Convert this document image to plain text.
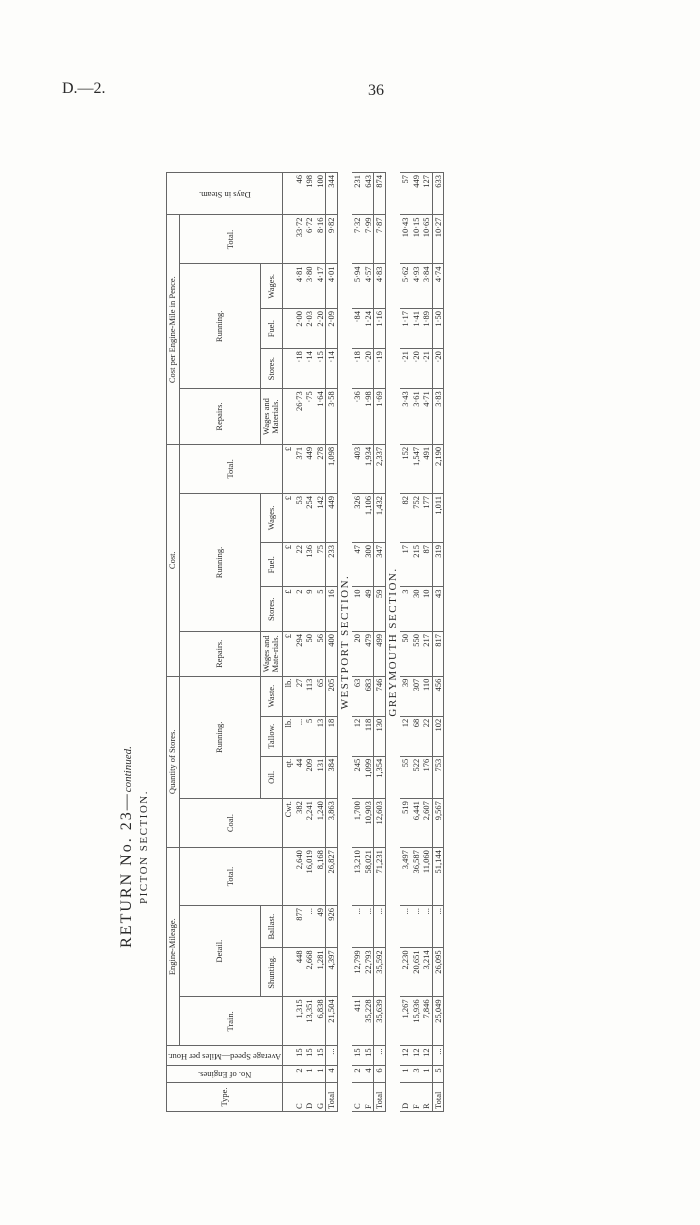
D.—2.	36
RETURN No. 23—continued.
PICTON SECTION.
Type.	No. of Engines.	Average Speed—Miles per Hour.	Engine-Mileage.				Quantity of Stores.				Cost.					Cost per Engine-Mile in Pence.					Days in Steam.

			Train.	Detail.		Total.	Coal.	Running.			Repairs.	Running.			Total.	Repairs.	Running.			Total.	
				Shunting.	Ballast.			Oil.	Tallow.	Waste.	Wages and Mate-rials.	Stores.	Fuel.	Wages.		Wages and Materials.	Stores.	Fuel.	Wages.		
							Cwt.	qt.	lb.	lb.	£	£	£	£	£						
C	2	15	1,315	448	877	2,640	382	44	...	27	294	2	22	53	371	26·73	·18	2·00	4·81	33·72	46
D	1	15	13,351	2,668	...	16,019	2,241	209	5	113	50	9	136	254	449	·75	·14	2·03	3·80	6·72	198
G	1	15	6,838	1,281	49	8,168	1,240	131	13	65	56	5	75	142	278	1·64	·15	2·20	4·17	8·16	100
Total	4	...	21,504	4,397	926	26,827	3,863	384	18	205	400	16	233	449	1,098	3·58	·14	2·09	4·01	9·82	344
WESTPORT SECTION.																					
C	2	15	411	12,799	...	13,210	1,700	245	12	63	20	10	47	326	403	·36	·18	·84	5·94	7·32	231
F	4	15	35,228	22,793	...	58,021	10,903	1,099	118	683	479	49	300	1,106	1,934	1·98	·20	1·24	4·57	7·99	643
Total	6	...	35,639	35,592	...	71,231	12,603	1,354	130	746	499	59	347	1,432	2,337	1·69	·19	1·16	4·83	7·87	874
GREYMOUTH SECTION.																					
D	1	12	1,267	2,230	...	3,497	519	55	12	39	50	3	17	82	152	3·43	·21	1·17	5·62	10·43	57
F	3	12	15,936	20,651	...	36,587	6,441	522	68	307	550	30	215	752	1,547	3·61	·20	1·41	4·93	10·15	449
R	1	12	7,846	3,214	...	11,060	2,607	176	22	110	217	10	87	177	491	4·71	·21	1·89	3·84	10·65	127
Total	5	...	25,049	26,095	...	51,144	9,567	753	102	456	817	43	319	1,011	2,190	3·83	·20	1·50	4·74	10·27	633
